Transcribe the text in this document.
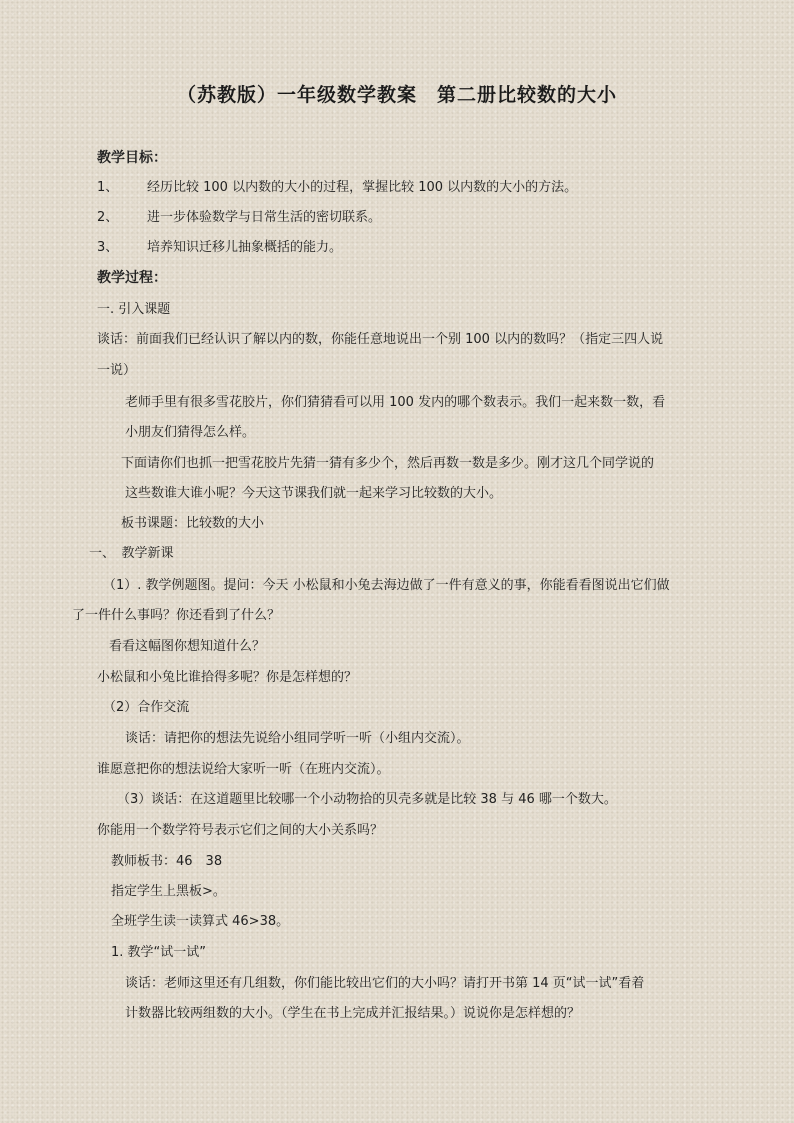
（苏教版）一年级数学教案　第二册比较数的大小
教学目标：
1、 经历比较 100 以内数的大小的过程，掌握比较 100 以内数的大小的方法。
2、 进一步体验数学与日常生活的密切联系。
3、 培养知识迁移儿抽象概括的能力。
教学过程：
一. 引入课题
谈话：前面我们已经认识了解以内的数，你能任意地说出一个别 100 以内的数吗？（指定三四人说
一说）
老师手里有很多雪花胶片，你们猜猜看可以用 100 发内的哪个数表示。我们一起来数一数，看
小朋友们猜得怎么样。
下面请你们也抓一把雪花胶片先猜一猜有多少个，然后再数一数是多少。刚才这几个同学说的
这些数谁大谁小呢？今天这节课我们就一起来学习比较数的大小。
板书课题：比较数的大小
一、　教学新课
（1）. 教学例题图。提问：今天 小松鼠和小兔去海边做了一件有意义的事，你能看看图说出它们做
了一件什么事吗？你还看到了什么？
看看这幅图你想知道什么？
小松鼠和小兔比谁拾得多呢？你是怎样想的？
（2）合作交流
谈话：请把你的想法先说给小组同学听一听（小组内交流）。
谁愿意把你的想法说给大家听一听（在班内交流）。
（3）谈话：在这道题里比较哪一个小动物拾的贝壳多就是比较 38 与 46 哪一个数大。
你能用一个数学符号表示它们之间的大小关系吗？
教师板书：46　38
指定学生上黑板>。
全班学生读一读算式 46>38。
1. 教学“试一试”
谈话：老师这里还有几组数，你们能比较出它们的大小吗？请打开书第 14 页“试一试”看着
计数器比较两组数的大小。（学生在书上完成并汇报结果。）说说你是怎样想的？
